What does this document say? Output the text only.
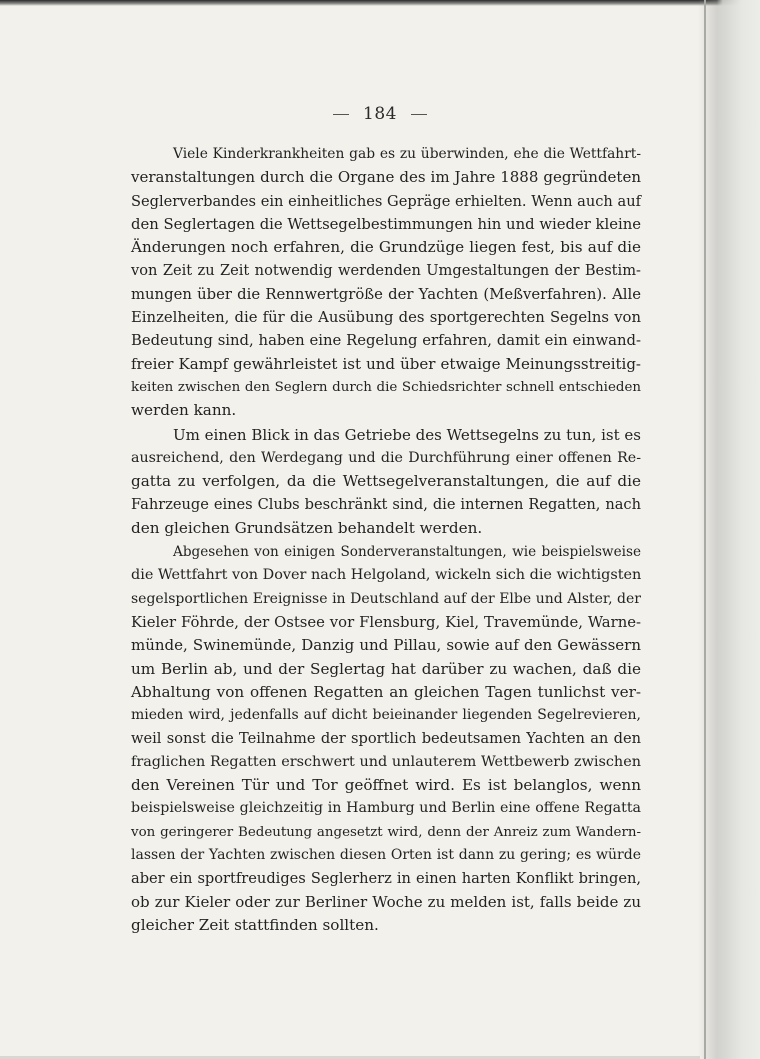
184
Viele Kinderkrankheiten gab es zu überwinden, ehe die Wettfahrt-
veranstaltungen durch die Organe des im Jahre 1888 gegründeten
Seglerverbandes ein einheitliches Gepräge erhielten. Wenn auch auf
den Seglertagen die Wettsegelbestimmungen hin und wieder kleine
Änderungen noch erfahren, die Grundzüge liegen fest, bis auf die
von Zeit zu Zeit notwendig werdenden Umgestaltungen der Bestim-
mungen über die Rennwertgröße der Yachten (Meßverfahren). Alle
Einzelheiten, die für die Ausübung des sportgerechten Segelns von
Bedeutung sind, haben eine Regelung erfahren, damit ein einwand-
freier Kampf gewährleistet ist und über etwaige Meinungsstreitig-
keiten zwischen den Seglern durch die Schiedsrichter schnell entschieden
werden kann.
Um einen Blick in das Getriebe des Wettsegelns zu tun, ist es
ausreichend, den Werdegang und die Durchführung einer offenen Re-
gatta zu verfolgen, da die Wettsegelveranstaltungen, die auf die
Fahrzeuge eines Clubs beschränkt sind, die internen Regatten, nach
den gleichen Grundsätzen behandelt werden.
Abgesehen von einigen Sonderveranstaltungen, wie beispielsweise
die Wettfahrt von Dover nach Helgoland, wickeln sich die wichtigsten
segelsportlichen Ereignisse in Deutschland auf der Elbe und Alster, der
Kieler Föhrde, der Ostsee vor Flensburg, Kiel, Travemünde, Warne-
münde, Swinemünde, Danzig und Pillau, sowie auf den Gewässern
um Berlin ab, und der Seglertag hat darüber zu wachen, daß die
Abhaltung von offenen Regatten an gleichen Tagen tunlichst ver-
mieden wird, jedenfalls auf dicht beieinander liegenden Segelrevieren,
weil sonst die Teilnahme der sportlich bedeutsamen Yachten an den
fraglichen Regatten erschwert und unlauterem Wettbewerb zwischen
den Vereinen Tür und Tor geöffnet wird. Es ist belanglos, wenn
beispielsweise gleichzeitig in Hamburg und Berlin eine offene Regatta
von geringerer Bedeutung angesetzt wird, denn der Anreiz zum Wandern-
lassen der Yachten zwischen diesen Orten ist dann zu gering; es würde
aber ein sportfreudiges Seglerherz in einen harten Konflikt bringen,
ob zur Kieler oder zur Berliner Woche zu melden ist, falls beide zu
gleicher Zeit stattfinden sollten.
